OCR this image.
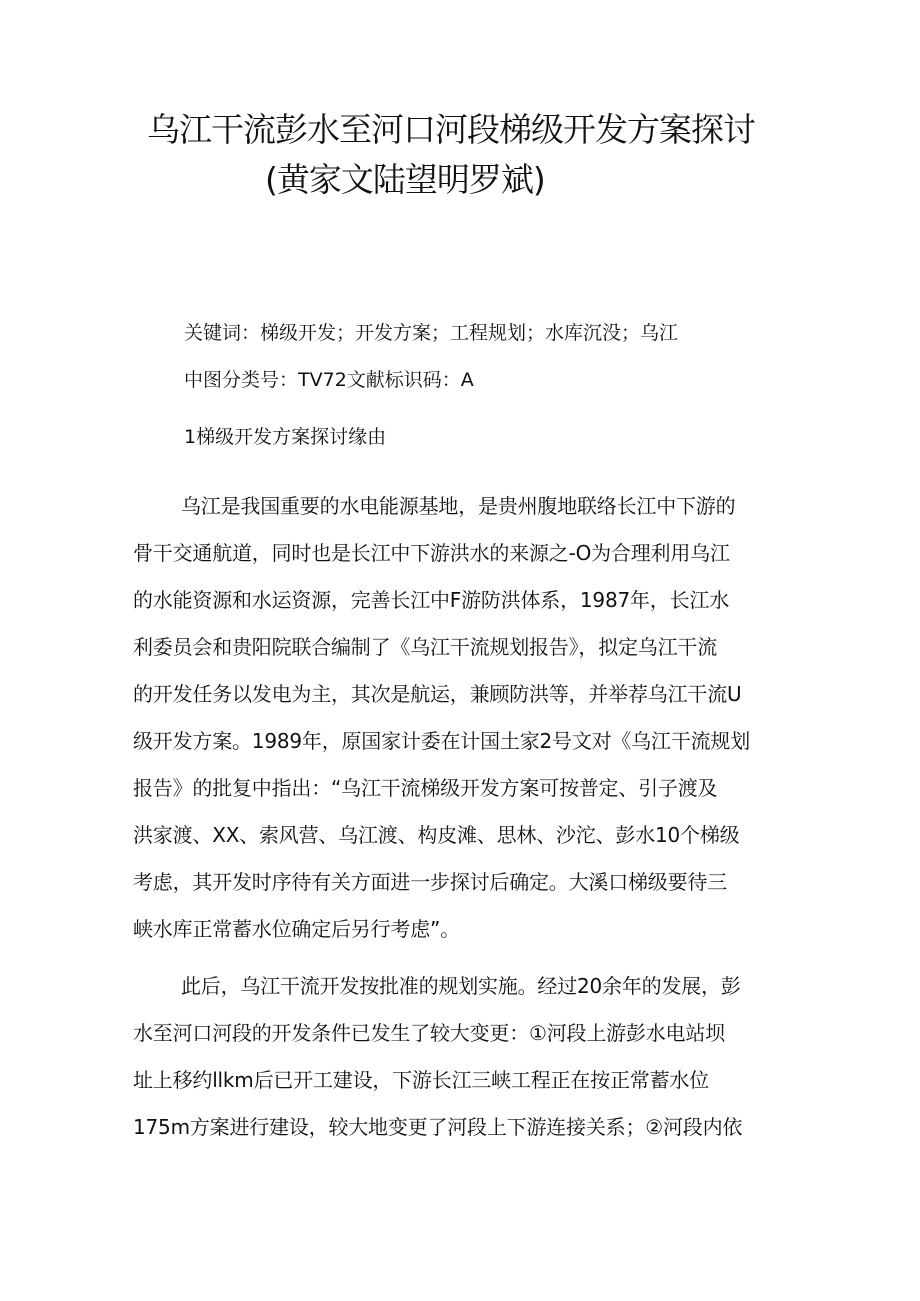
乌江干流彭水至河口河段梯级开发方案探讨
(黄家文陆望明罗斌)
关键词：梯级开发；开发方案；工程规划；水库沉没；乌江
中图分类号：TV72文献标识码：A
1梯级开发方案探讨缘由
乌江是我国重要的水电能源基地，是贵州腹地联络长江中下游的
骨干交通航道，同时也是长江中下游洪水的来源之-O为合理利用乌江
的水能资源和水运资源，完善长江中F游防洪体系，1987年，长江水
利委员会和贵阳院联合编制了《乌江干流规划报告》，拟定乌江干流
的开发任务以发电为主，其次是航运，兼顾防洪等，并举荐乌江干流U
级开发方案。1989年，原国家计委在计国土家2号文对《乌江干流规划
报告》的批复中指出：“乌江干流梯级开发方案可按普定、引子渡及
洪家渡、XX、索风营、乌江渡、构皮滩、思林、沙沱、彭水10个梯级
考虑，其开发时序待有关方面进一步探讨后确定。大溪口梯级要待三
峡水库正常蓄水位确定后另行考虑”。
此后，乌江干流开发按批准的规划实施。经过20余年的发展，彭
水至河口河段的开发条件已发生了较大变更：①河段上游彭水电站坝
址上移约llkm后已开工建设，下游长江三峡工程正在按正常蓄水位
175m方案进行建设，较大地变更了河段上下游连接关系；②河段内依
